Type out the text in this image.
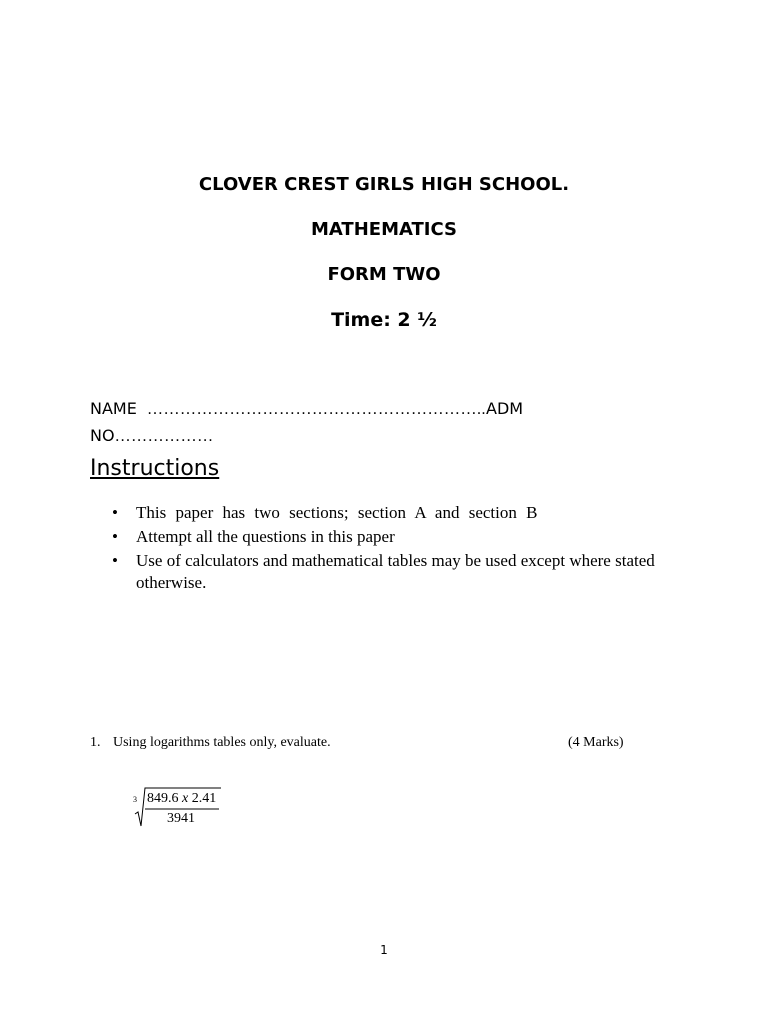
CLOVER CREST GIRLS HIGH SCHOOL.
MATHEMATICS
FORM TWO
Time: 2 ½
NAME ……………………………………………………..ADM
NO………………
Instructions
• This paper has two sections; section A and section B
• Attempt all the questions in this paper
• Use of calculators and mathematical tables may be used except where stated otherwise.
1. Using logarithms tables only, evaluate.	(4 Marks)
3 849.6 x 2.41
3941
1
